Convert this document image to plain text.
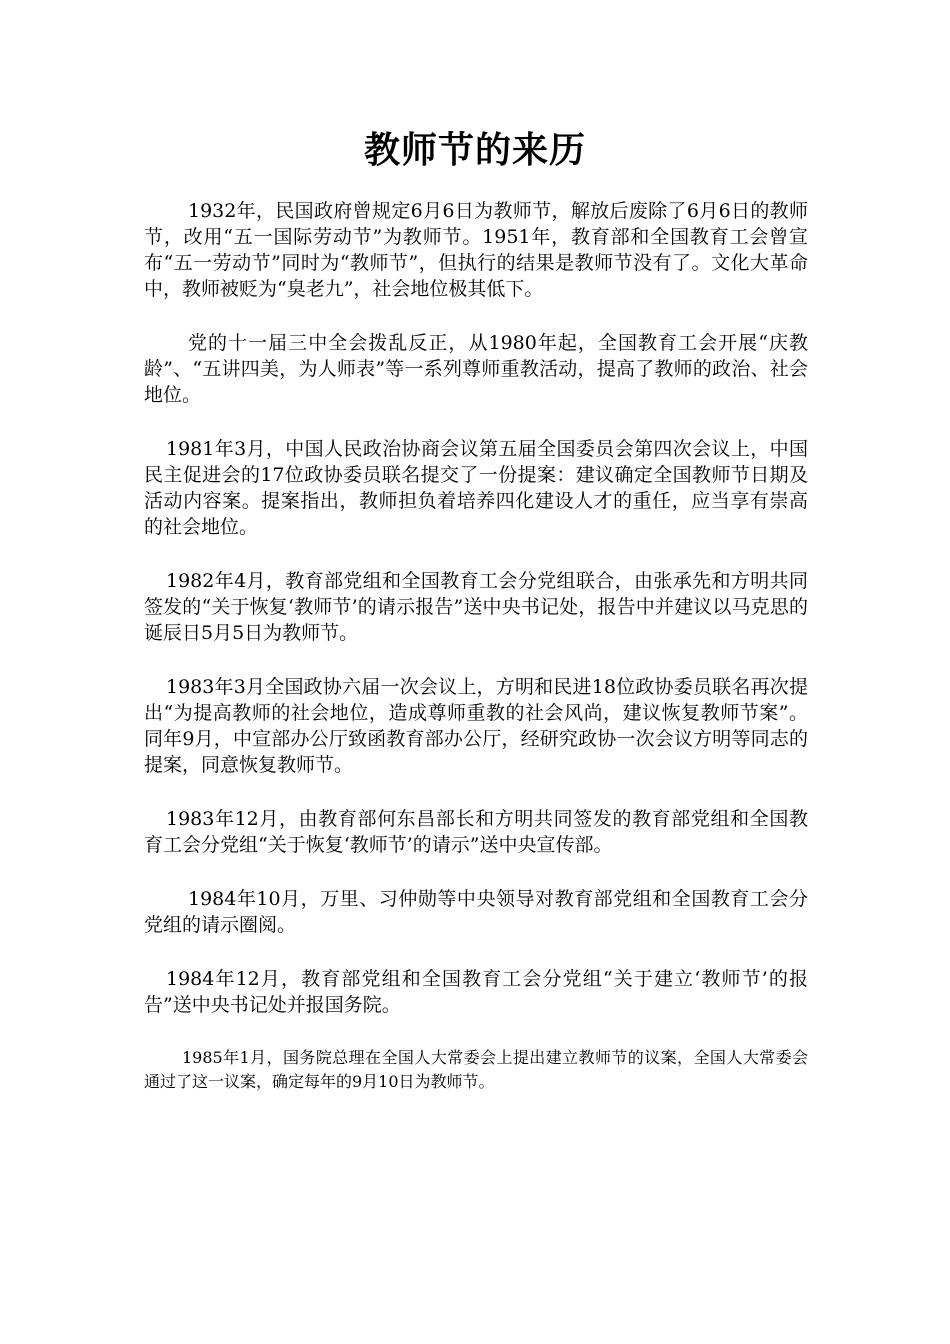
教师节的来历

1932年，民国政府曾规定6月6日为教师节，解放后废除了6月6日的教师节，改用“五一国际劳动节”为教师节。1951年，教育部和全国教育工会曾宣布“五一劳动节”同时为“教师节”，但执行的结果是教师节没有了。文化大革命中，教师被贬为“臭老九”，社会地位极其低下。

党的十一届三中全会拨乱反正，从1980年起，全国教育工会开展“庆教龄”、“五讲四美，为人师表”等一系列尊师重教活动，提高了教师的政治、社会地位。

1981年3月，中国人民政治协商会议第五届全国委员会第四次会议上，中国民主促进会的17位政协委员联名提交了一份提案：建议确定全国教师节日期及活动内容案。提案指出，教师担负着培养四化建设人才的重任，应当享有崇高的社会地位。

1982年4月，教育部党组和全国教育工会分党组联合，由张承先和方明共同签发的“关于恢复‘教师节’的请示报告”送中央书记处，报告中并建议以马克思的诞辰日5月5日为教师节。

1983年3月全国政协六届一次会议上，方明和民进18位政协委员联名再次提出“为提高教师的社会地位，造成尊师重教的社会风尚，建议恢复教师节案”。同年9月，中宣部办公厅致函教育部办公厅，经研究政协一次会议方明等同志的提案，同意恢复教师节。

1983年12月，由教育部何东昌部长和方明共同签发的教育部党组和全国教育工会分党组“关于恢复‘教师节’的请示”送中央宣传部。

1984年10月，万里、习仲勋等中央领导对教育部党组和全国教育工会分党组的请示圈阅。

1984年12月，教育部党组和全国教育工会分党组“关于建立‘教师节’的报告”送中央书记处并报国务院。

1985年1月，国务院总理在全国人大常委会上提出建立教师节的议案，全国人大常委会通过了这一议案，确定每年的9月10日为教师节。
